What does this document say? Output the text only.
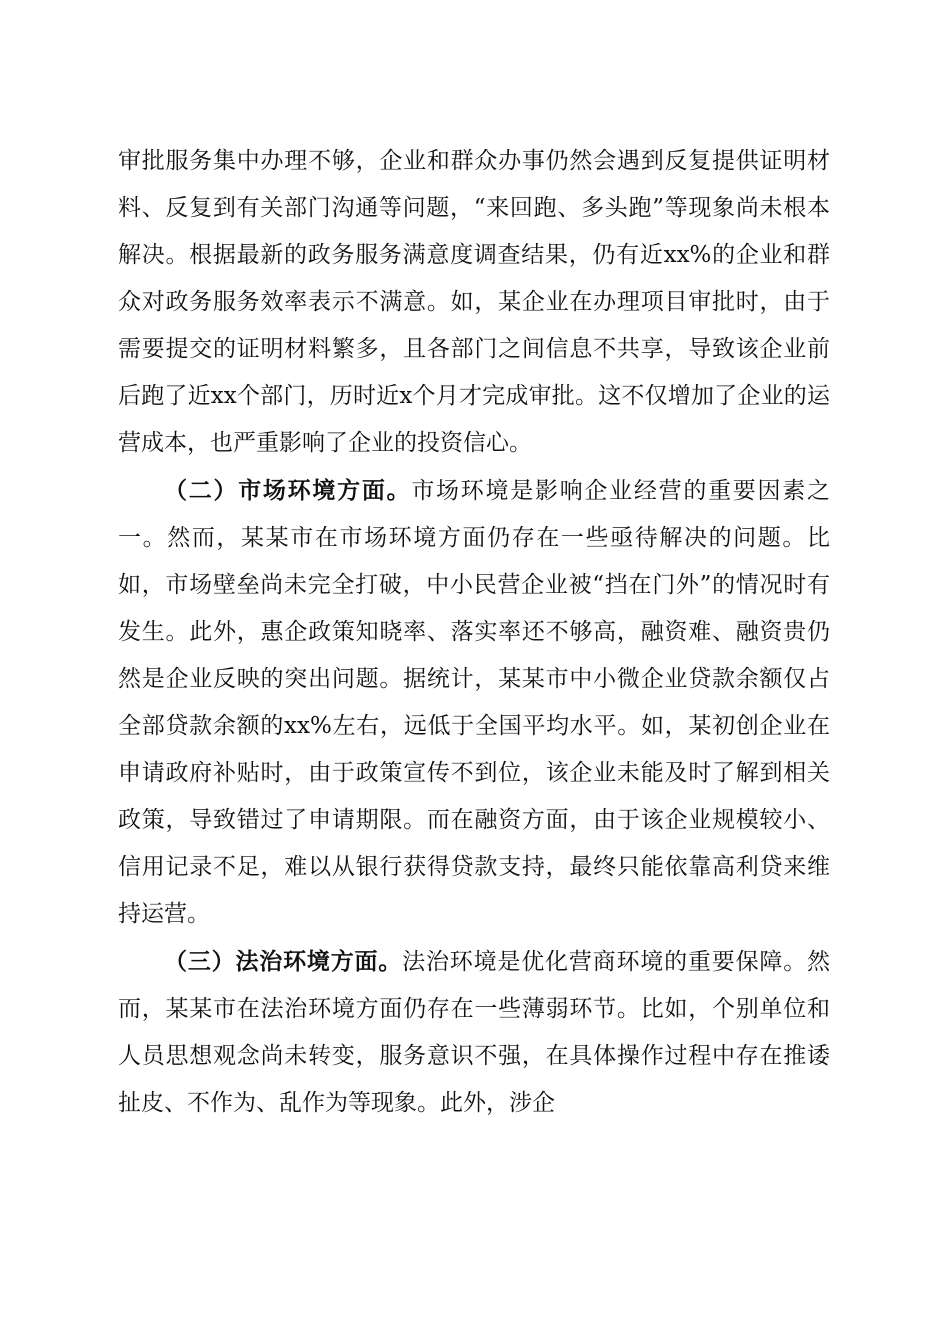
审批服务集中办理不够，企业和群众办事仍然会遇到反复提供证明材料、反复到有关部门沟通等问题，“来回跑、多头跑”等现象尚未根本解决。根据最新的政务服务满意度调查结果，仍有近xx%的企业和群众对政务服务效率表示不满意。如，某企业在办理项目审批时，由于需要提交的证明材料繁多，且各部门之间信息不共享，导致该企业前后跑了近xx个部门，历时近x个月才完成审批。这不仅增加了企业的运营成本，也严重影响了企业的投资信心。

（二）市场环境方面。市场环境是影响企业经营的重要因素之一。然而，某某市在市场环境方面仍存在一些亟待解决的问题。比如，市场壁垒尚未完全打破，中小民营企业被“挡在门外”的情况时有发生。此外，惠企政策知晓率、落实率还不够高，融资难、融资贵仍然是企业反映的突出问题。据统计，某某市中小微企业贷款余额仅占全部贷款余额的xx%左右，远低于全国平均水平。如，某初创企业在申请政府补贴时，由于政策宣传不到位，该企业未能及时了解到相关政策，导致错过了申请期限。而在融资方面，由于该企业规模较小、信用记录不足，难以从银行获得贷款支持，最终只能依靠高利贷来维持运营。

（三）法治环境方面。法治环境是优化营商环境的重要保障。然而，某某市在法治环境方面仍存在一些薄弱环节。比如，个别单位和人员思想观念尚未转变，服务意识不强，在具体操作过程中存在推诿扯皮、不作为、乱作为等现象。此外，涉企
